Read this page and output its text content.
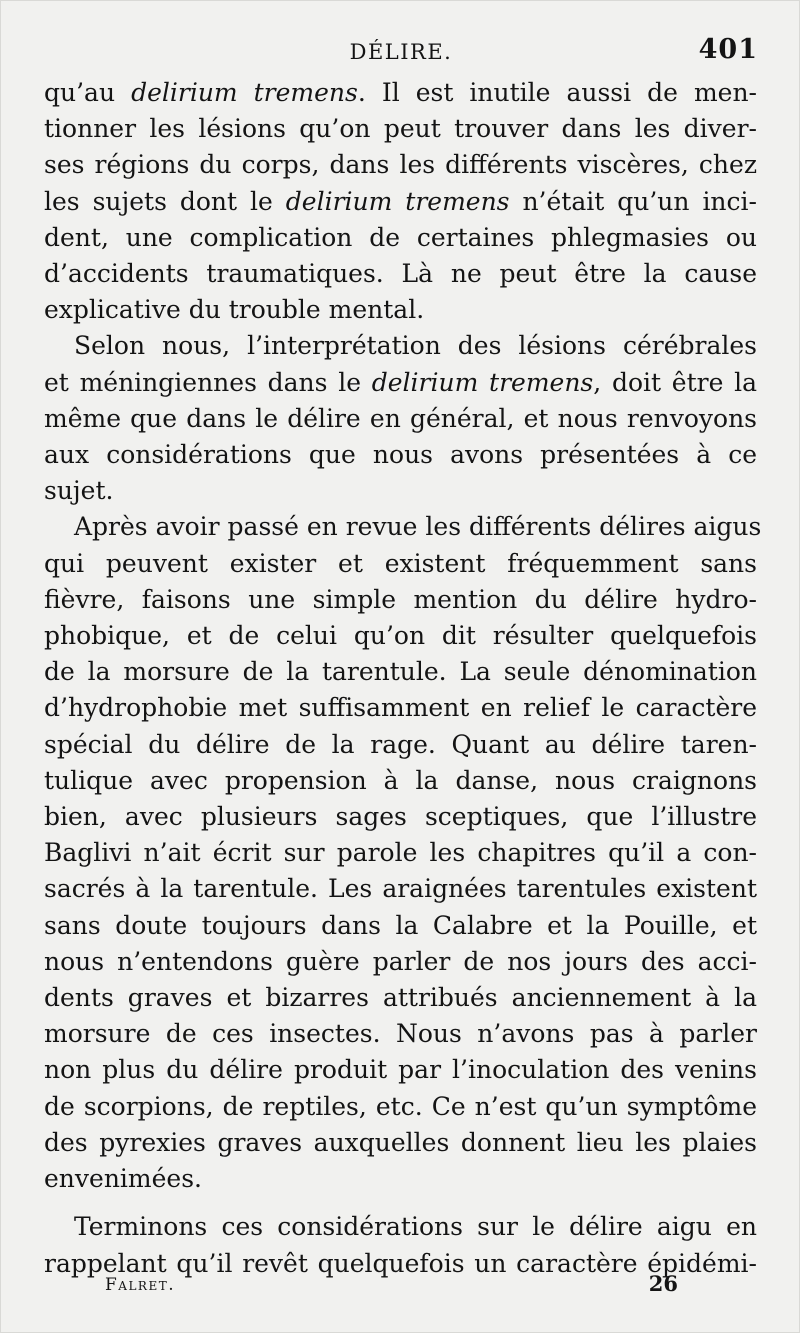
DÉLIRE.	401
qu’au delirium tremens. Il est inutile aussi de men-
tionner les lésions qu’on peut trouver dans les diver-
ses régions du corps, dans les différents viscères, chez
les sujets dont le delirium tremens n’était qu’un inci-
dent, une complication de certaines phlegmasies ou
d’accidents traumatiques. Là ne peut être la cause
explicative du trouble mental.
Selon nous, l’interprétation des lésions cérébrales
et méningiennes dans le delirium tremens, doit être la
même que dans le délire en général, et nous renvoyons
aux considérations que nous avons présentées à ce
sujet.
Après avoir passé en revue les différents délires aigus
qui peuvent exister et existent fréquemment sans
fièvre, faisons une simple mention du délire hydro-
phobique, et de celui qu’on dit résulter quelquefois
de la morsure de la tarentule. La seule dénomination
d’hydrophobie met suffisamment en relief le caractère
spécial du délire de la rage. Quant au délire taren-
tulique avec propension à la danse, nous craignons
bien, avec plusieurs sages sceptiques, que l’illustre
Baglivi n’ait écrit sur parole les chapitres qu’il a con-
sacrés à la tarentule. Les araignées tarentules existent
sans doute toujours dans la Calabre et la Pouille, et
nous n’entendons guère parler de nos jours des acci-
dents graves et bizarres attribués anciennement à la
morsure de ces insectes. Nous n’avons pas à parler
non plus du délire produit par l’inoculation des venins
de scorpions, de reptiles, etc. Ce n’est qu’un symptôme
des pyrexies graves auxquelles donnent lieu les plaies
envenimées.
Terminons ces considérations sur le délire aigu en
rappelant qu’il revêt quelquefois un caractère épidémi-
Falret.	26
